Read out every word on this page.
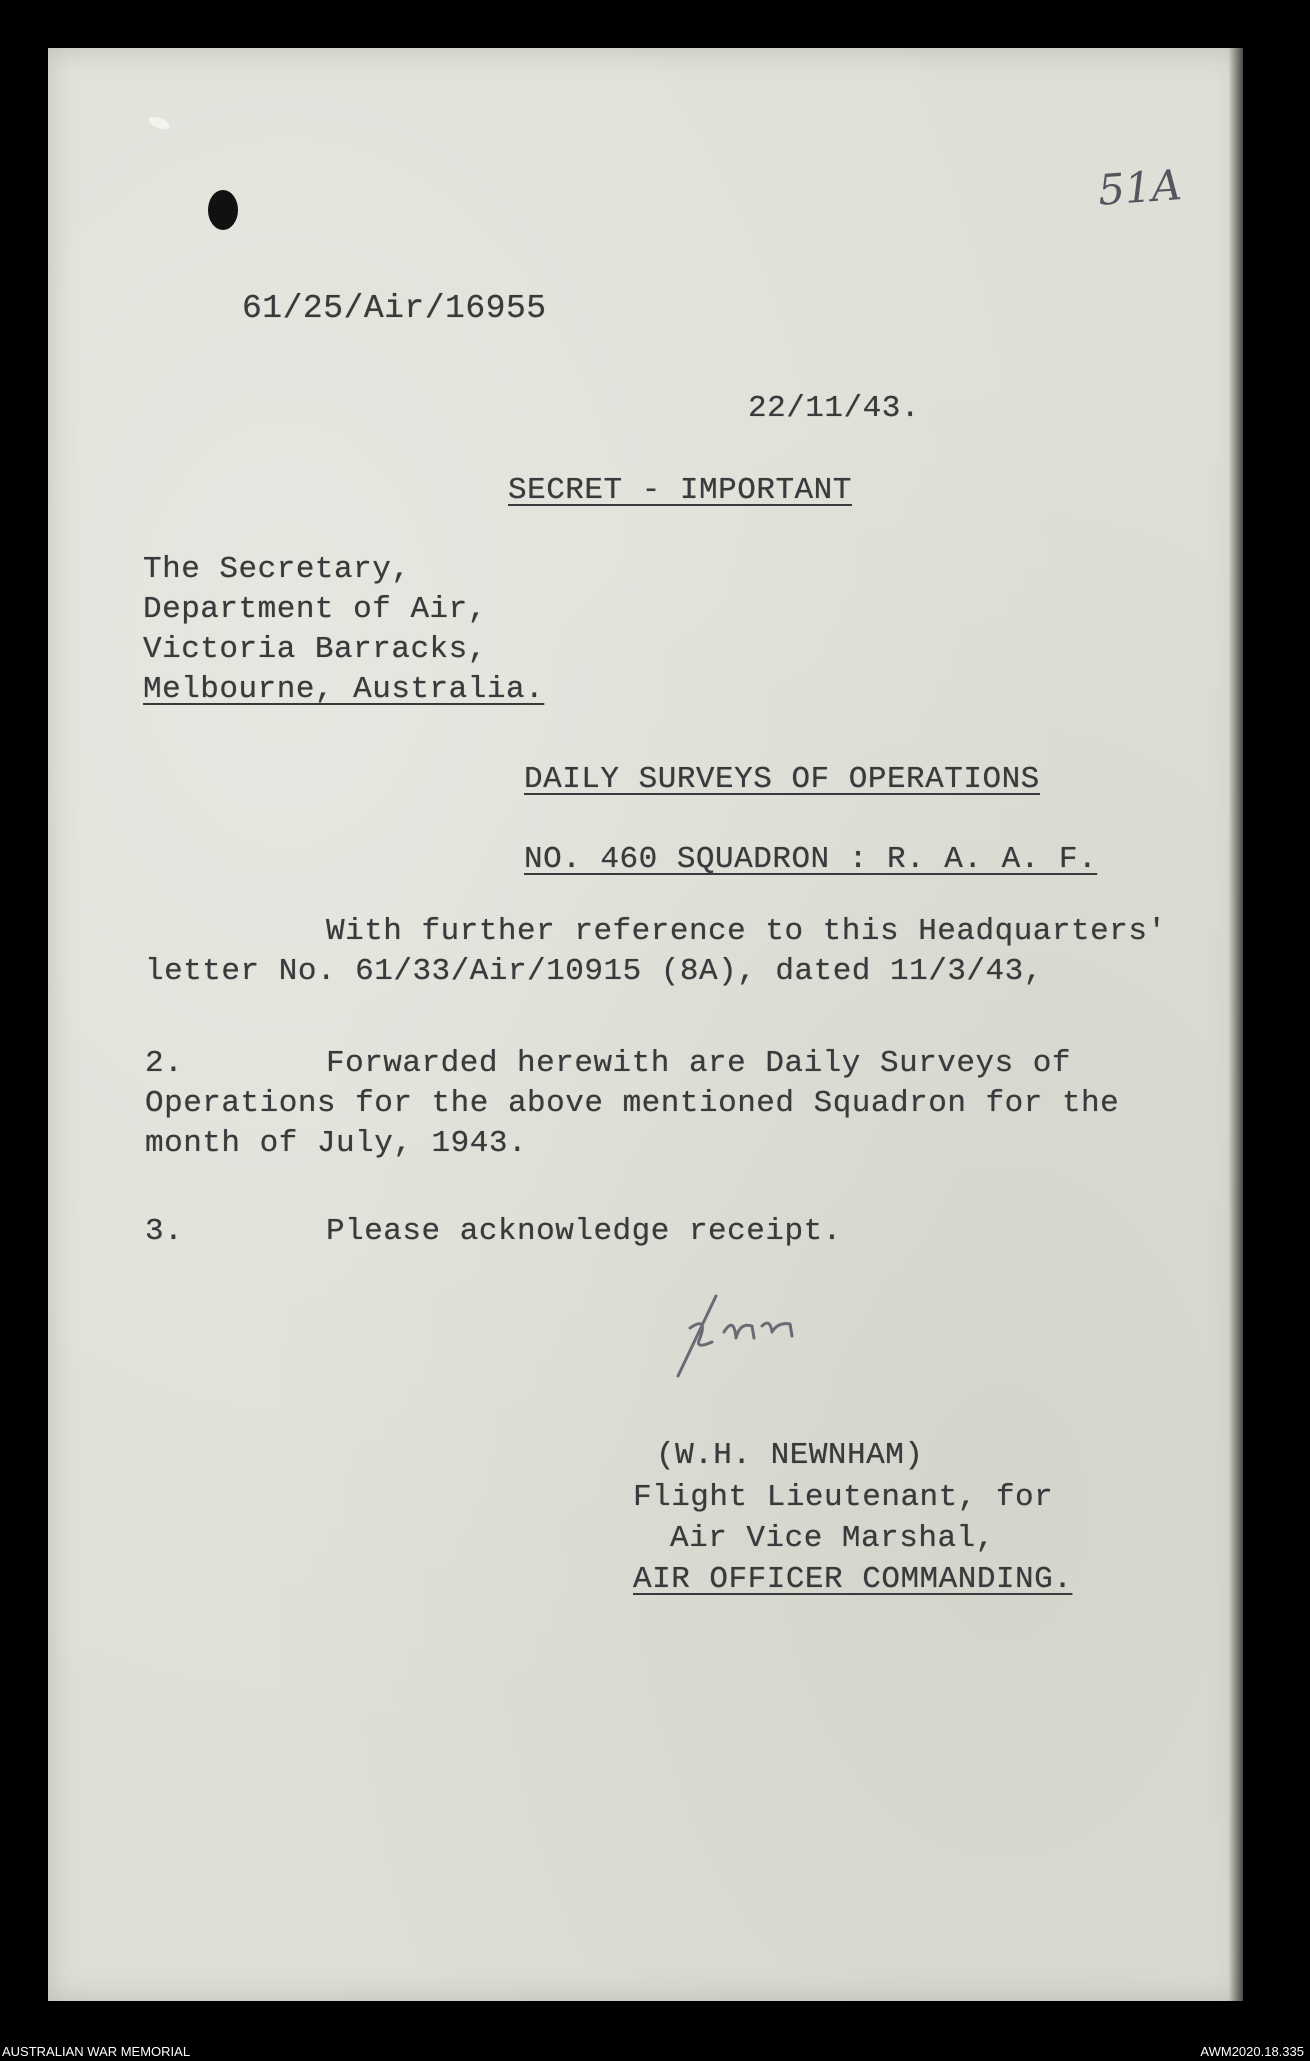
51A
61/25/Air/16955
22/11/43.
SECRET - IMPORTANT
The Secretary,
Department of Air,
Victoria Barracks,
Melbourne, Australia.
DAILY SURVEYS OF OPERATIONS
NO. 460 SQUADRON : R. A. A. F.
With further reference to this Headquarters'
letter No. 61/33/Air/10915 (8A), dated 11/3/43,
2.	Forwarded herewith are Daily Surveys of
Operations for the above mentioned Squadron for the
month of July, 1943.
3.	Please acknowledge receipt.
(W.H. NEWNHAM)
Flight Lieutenant, for
Air Vice Marshal,
AIR OFFICER COMMANDING.
AUSTRALIAN WAR MEMORIAL	AWM2020.18.335
